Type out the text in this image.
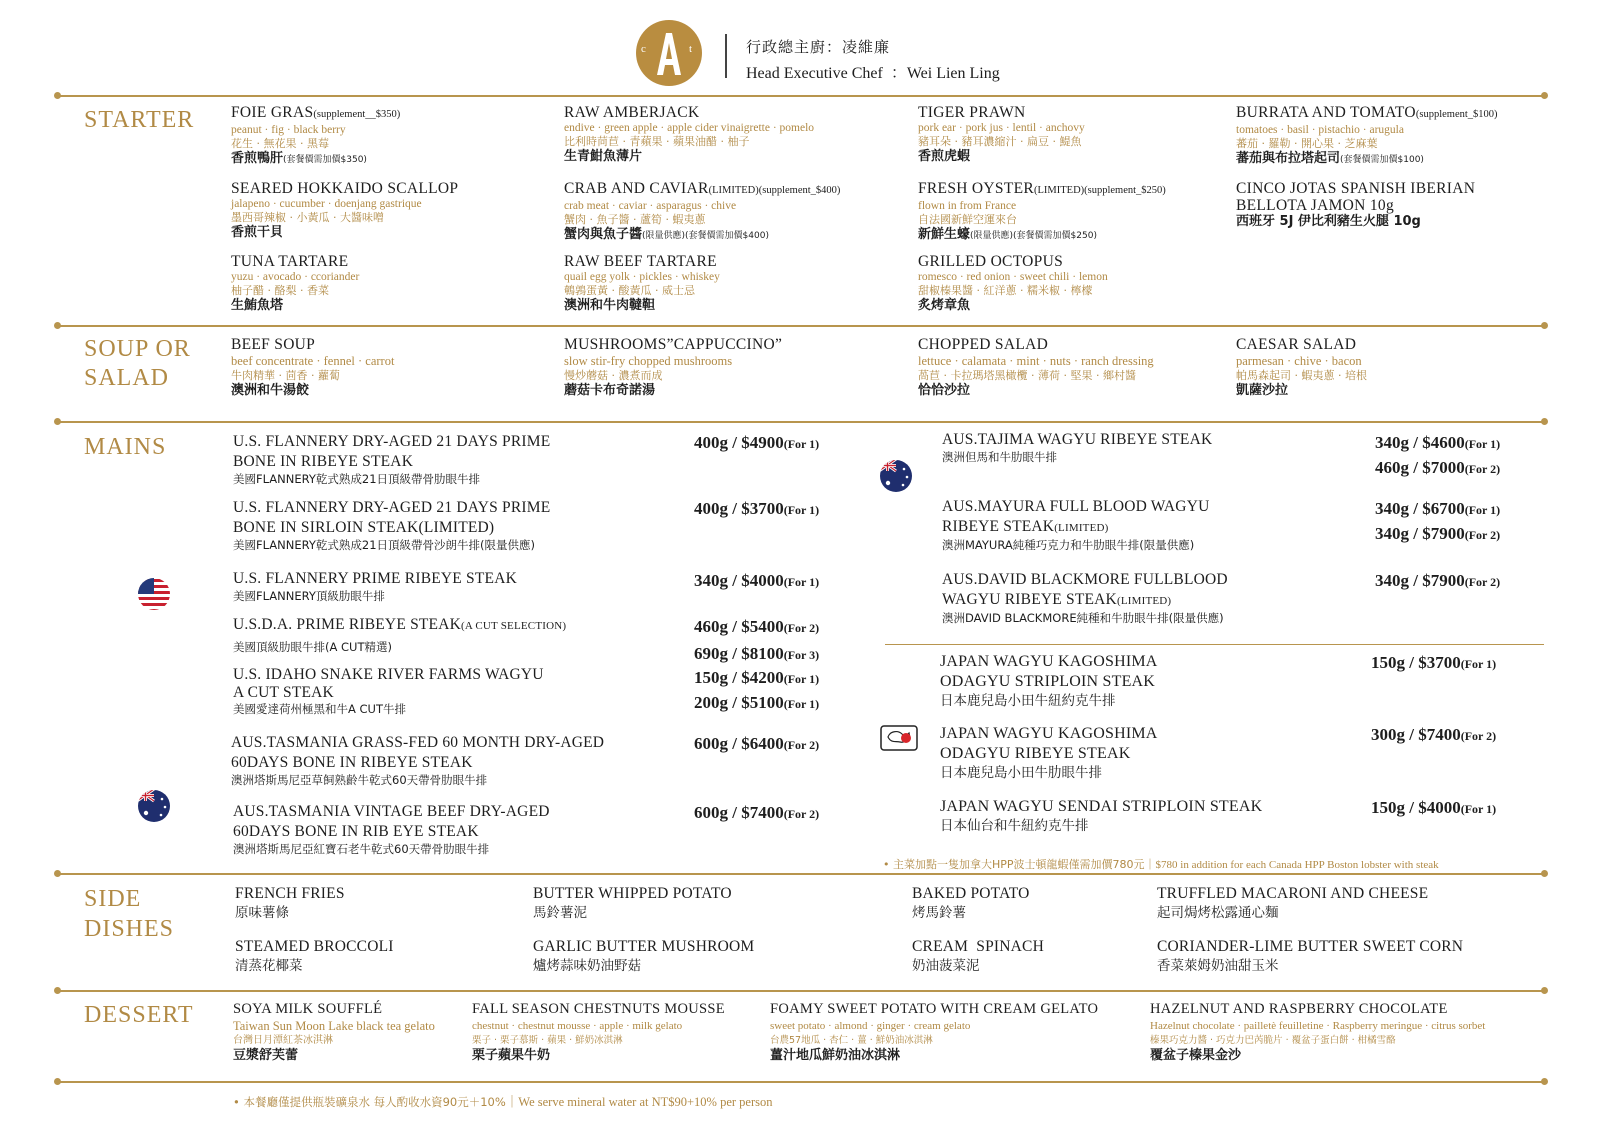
c	t	行政總主廚：凌維廉
Head Executive Chef  ：Wei Lien Ling
STARTER FOIE GRAS(supplement__$350)
peanut · fig · black berry
花生 · 無花果 · 黑莓
香煎鴨肝(套餐價需加價$350)
SEARED HOKKAIDO SCALLOP
jalapeno · cucumber · doenjang gastrique
墨西哥辣椒 · 小黃瓜 · 大醬味噌
香煎干貝
TUNA TARTARE
yuzu · avocado · ccoriander
柚子醋 · 酪梨 · 香菜
生鮪魚塔
RAW AMBERJACK
endive · green apple · apple cider vinaigrette · pomelo
比利時苘苣 · 青蘋果 · 蘋果油醋 · 柚子
生青魽魚薄片
CRAB AND CAVIAR(LIMITED)(supplement_$400)
crab meat · caviar · asparagus · chive
蟹肉 · 魚子醬 · 蘆筍 · 蝦夷蔥
蟹肉與魚子醬(限量供應)(套餐價需加價$400)
RAW BEEF TARTARE
quail egg yolk · pickles · whiskey
鵪鶉蛋黃 · 酸黃瓜 · 威士忌
澳洲和牛肉韃靼
TIGER PRAWN
pork ear · pork jus · lentil · anchovy
豬耳朵 · 豬耳濃縮汁 · 扁豆 · 鯷魚
香煎虎蝦
FRESH OYSTER(LIMITED)(supplement_$250)
flown in from France
自法國新鮮空運來台
新鮮生蠔(限量供應)(套餐價需加價$250)
GRILLED OCTOPUS
romesco · red onion · sweet chili · lemon
甜椒榛果醬 · 紅洋蔥 · 糯米椒 · 檸檬
炙烤章魚
BURRATA AND TOMATO(supplement_$100)
tomatoes · basil · pistachio · arugula
蕃茄 · 羅勒 · 開心果 · 芝麻葉
蕃茄與布拉塔起司(套餐價需加價$100)
CINCO JOTAS SPANISH IBERIAN BELLOTA JAMON 10g
西班牙 5J 伊比利豬生火腿 10g
SOUP OR
SALAD
BEEF SOUP
beef concentrate · fennel · carrot
牛肉精華 · 茴香 · 蘿蔔
澳洲和牛湯餃
MUSHROOMS”CAPPUCCINO”
slow stir-fry chopped mushrooms
慢炒蘑菇 · 濃煮而成
蘑菇卡布奇諾湯
CHOPPED SALAD
lettuce · calamata · mint · nuts · ranch dressing
萵苣 · 卡拉瑪塔黑橄欖 · 薄荷 · 堅果 · 鄉村醬
恰恰沙拉
CAESAR SALAD
parmesan · chive · bacon
帕馬森起司 · 蝦夷蔥 · 培根
凱薩沙拉
MAINS	U.S. FLANNERY DRY-AGED 21 DAYS PRIME
BONE IN RIBEYE STEAK
美國FLANNERY乾式熟成21日頂級帶骨肋眼牛排
400g / $4900(For 1)
U.S. FLANNERY DRY-AGED 21 DAYS PRIME
BONE IN SIRLOIN STEAK(LIMITED)
美國FLANNERY乾式熟成21日頂級帶骨沙朗牛排(限量供應)
400g / $3700(For 1)
U.S. FLANNERY PRIME RIBEYE STEAK
美國FLANNERY頂級肋眼牛排
340g / $4000(For 1)
U.S.D.A. PRIME RIBEYE STEAK(A CUT SELECTION)
美國頂級肋眼牛排(A CUT精選)
460g / $5400(For 2)
690g / $8100(For 3)
U.S. IDAHO SNAKE RIVER FARMS WAGYU
A CUT STEAK
美國愛達荷州極黑和牛A CUT牛排
150g / $4200(For 1)
200g / $5100(For 1)
AUS.TASMANIA GRASS-FED 60 MONTH DRY-AGED
60DAYS BONE IN RIBEYE STEAK
澳洲塔斯馬尼亞草飼熟齡牛乾式60天帶骨肋眼牛排
600g / $6400(For 2)
AUS.TASMANIA VINTAGE BEEF DRY-AGED
60DAYS BONE IN RIB EYE STEAK
澳洲塔斯馬尼亞紅寶石老牛乾式60天帶骨肋眼牛排
600g / $7400(For 2)
AUS.TAJIMA WAGYU RIBEYE STEAK
澳洲但馬和牛肋眼牛排
340g / $4600(For 1)
460g / $7000(For 2)
AUS.MAYURA FULL BLOOD WAGYU
RIBEYE STEAK(LIMITED)
澳洲MAYURA純種巧克力和牛肋眼牛排(限量供應)
340g / $6700(For 1)
340g / $7900(For 2)
AUS.DAVID BLACKMORE FULLBLOOD
WAGYU RIBEYE STEAK(LIMITED)
澳洲DAVID BLACKMORE純種和牛肋眼牛排(限量供應)
340g / $7900(For 2)
JAPAN WAGYU KAGOSHIMA
ODAGYU STRIPLOIN STEAK
日本鹿兒島小田牛紐約克牛排
150g / $3700(For 1)
JAPAN WAGYU KAGOSHIMA
ODAGYU RIBEYE STEAK
日本鹿兒島小田牛肋眼牛排
300g / $7400(For 2)
JAPAN WAGYU SENDAI STRIPLOIN STEAK
日本仙台和牛紐約克牛排
150g / $4000(For 1)
• 主菜加點一隻加拿大HPP波士頓龍蝦僅需加價780元｜$780 in addition for each Canada HPP Boston lobster with steak
SIDE
DISHES
FRENCH FRIES
原味薯條
STEAMED BROCCOLI
清蒸花椰菜
BUTTER WHIPPED POTATO
馬鈴薯泥
GARLIC BUTTER MUSHROOM
爐烤蒜味奶油野菇
BAKED POTATO
烤馬鈴薯
CREAM  SPINACH
奶油菠菜泥
TRUFFLED MACARONI AND CHEESE
起司焗烤松露通心麵
CORIANDER-LIME BUTTER SWEET CORN
香菜萊姆奶油甜玉米
DESSERT	SOYA MILK SOUFFLÉ
Taiwan Sun Moon Lake black tea gelato
台灣日月潭紅茶冰淇淋
豆漿舒芙蕾
FALL SEASON CHESTNUTS MOUSSE
chestnut · chestnut mousse · apple · milk gelato
栗子 · 栗子慕斯 · 蘋果 · 鮮奶冰淇淋
栗子蘋果牛奶
FOAMY SWEET POTATO WITH CREAM GELATO
sweet potato · almond · ginger · cream gelato
台農57地瓜 · 杏仁 · 薑 · 鮮奶油冰淇淋
薑汁地瓜鮮奶油冰淇淋
HAZELNUT AND RASPBERRY CHOCOLATE
Hazelnut chocolate · pailletè feuilletine · Raspberry meringue · citrus sorbet
榛果巧克力醬 · 巧克力巴芮脆片 · 覆盆子蛋白餅 · 柑橘雪酪
覆盆子榛果金沙
• 本餐廳僅提供瓶裝礦泉水 每人酌收水資90元＋10%｜We serve mineral water at NT$90+10% per person
